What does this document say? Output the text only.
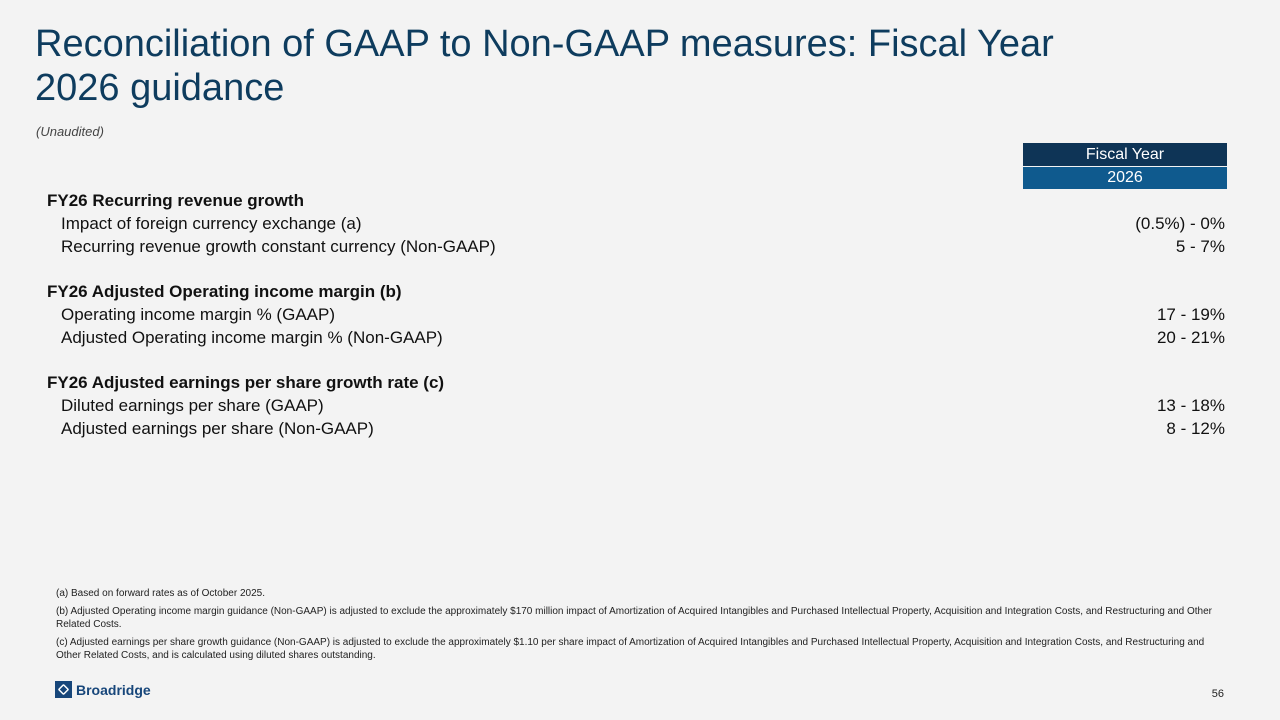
Reconciliation of GAAP to Non-GAAP measures: Fiscal Year 2026 guidance
(Unaudited)
Fiscal Year
2026
FY26 Recurring revenue growth
Impact of foreign currency exchange (a)	(0.5%) - 0%
Recurring revenue growth constant currency (Non-GAAP)	5 - 7%
FY26 Adjusted Operating income margin (b)
Operating income margin % (GAAP)	17 - 19%
Adjusted Operating income margin % (Non-GAAP)	20 - 21%
FY26 Adjusted earnings per share growth rate (c)
Diluted earnings per share (GAAP)	13 - 18%
Adjusted earnings per share (Non-GAAP)	8 - 12%

(a) Based on forward rates as of October 2025.

(b) Adjusted Operating income margin guidance (Non-GAAP) is adjusted to exclude the approximately $170 million impact of Amortization of Acquired Intangibles and Purchased Intellectual Property, Acquisition and Integration Costs, and Restructuring and Other Related Costs.

(c) Adjusted earnings per share growth guidance (Non-GAAP) is adjusted to exclude the approximately $1.10 per share impact of Amortization of Acquired Intangibles and Purchased Intellectual Property, Acquisition and Integration Costs, and Restructuring and Other Related Costs, and is calculated using diluted shares outstanding.

Broadridge	56
